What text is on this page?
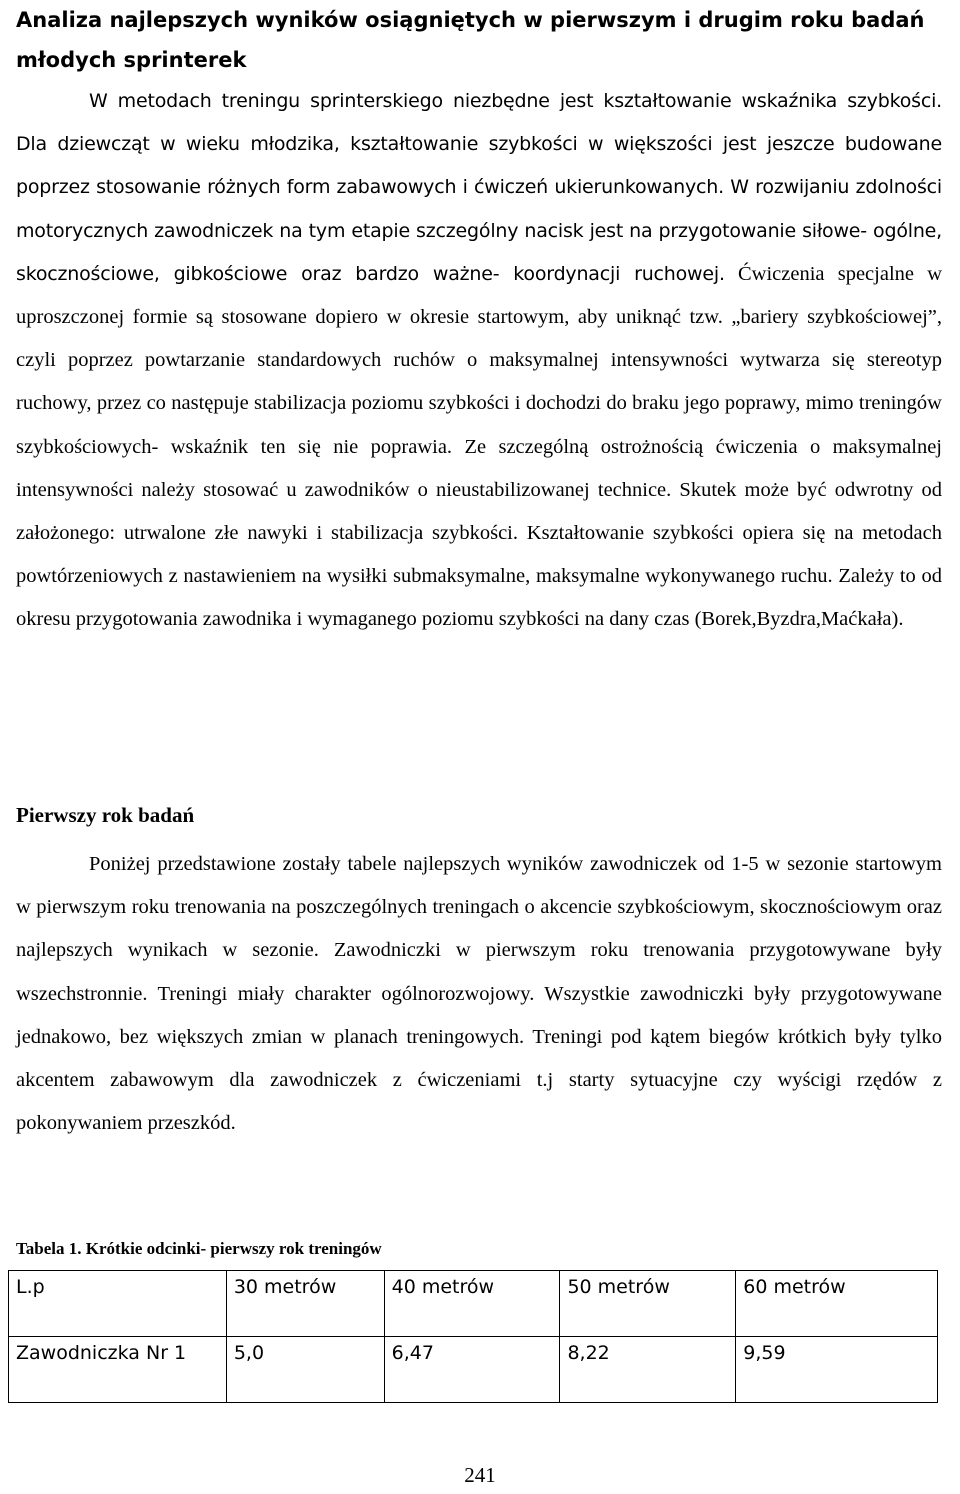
Analiza najlepszych wyników osiągniętych w pierwszym i drugim roku badań młodych sprinterek

W metodach treningu sprinterskiego niezbędne jest kształtowanie wskaźnika szybkości. Dla dziewcząt w wieku młodzika, kształtowanie szybkości w większości jest jeszcze budowane poprzez stosowanie różnych form zabawowych i ćwiczeń ukierunkowanych. W rozwijaniu zdolności motorycznych zawodniczek na tym etapie szczególny nacisk jest na przygotowanie siłowe- ogólne, skocznościowe, gibkościowe oraz bardzo ważne- koordynacji ruchowej. Ćwiczenia specjalne w uproszczonej formie są stosowane dopiero w okresie startowym, aby uniknąć tzw. „bariery szybkościowej”, czyli poprzez powtarzanie standardowych ruchów o maksymalnej intensywności wytwarza się stereotyp ruchowy, przez co następuje stabilizacja poziomu szybkości i dochodzi do braku jego poprawy, mimo treningów szybkościowych- wskaźnik ten się nie poprawia. Ze szczególną ostrożnością ćwiczenia o maksymalnej intensywności należy stosować u zawodników o nieustabilizowanej technice. Skutek może być odwrotny od założonego: utrwalone złe nawyki i stabilizacja szybkości. Kształtowanie szybkości opiera się na metodach powtórzeniowych z nastawieniem na wysiłki submaksymalne, maksymalne wykonywanego ruchu. Zależy to od okresu przygotowania zawodnika i wymaganego poziomu szybkości na dany czas (Borek,Byzdra,Maćkała).

Pierwszy rok badań

Poniżej przedstawione zostały tabele najlepszych wyników zawodniczek od 1-5 w sezonie startowym w pierwszym roku trenowania na poszczególnych treningach o akcencie szybkościowym, skocznościowym oraz najlepszych wynikach w sezonie. Zawodniczki w pierwszym roku trenowania przygotowywane były wszechstronnie. Treningi miały charakter ogólnorozwojowy. Wszystkie zawodniczki były przygotowywane jednakowo, bez większych zmian w planach treningowych. Treningi pod kątem biegów krótkich były tylko akcentem zabawowym dla zawodniczek z ćwiczeniami t.j starty sytuacyjne czy wyścigi rzędów z pokonywaniem przeszkód.

Tabela 1. Krótkie odcinki- pierwszy rok treningów
L.p	30 metrów	40 metrów	50 metrów	60 metrów
Zawodniczka Nr 1	5,0	6,47	8,22	9,59
241
